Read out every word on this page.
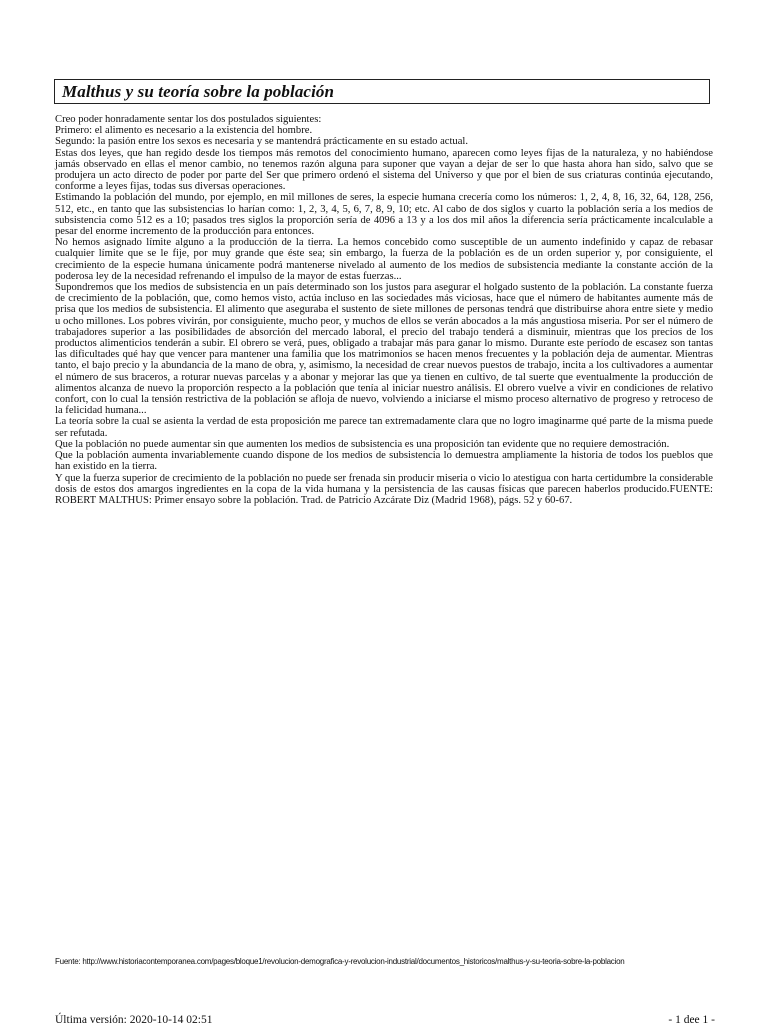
Malthus y su teoría sobre la población

Creo poder honradamente sentar los dos postulados siguientes:

Primero: el alimento es necesario a la existencia del hombre.

Segundo: la pasión entre los sexos es necesaria y se mantendrá prácticamente en su estado actual.

Estas dos leyes, que han regido desde los tiempos más remotos del conocimiento humano, aparecen como leyes fijas de la naturaleza, y no habiéndose jamás observado en ellas el menor cambio, no tenemos razón alguna para suponer que vayan a dejar de ser lo que hasta ahora han sido, salvo que se produjera un acto directo de poder por parte del Ser que primero ordenó el sistema del Universo y que por el bien de sus criaturas continúa ejecutando, conforme a leyes fijas, todas sus diversas operaciones.

Estimando la población del mundo, por ejemplo, en mil millones de seres, la especie humana crecería como los números: 1, 2, 4, 8, 16, 32, 64, 128, 256, 512, etc., en tanto que las subsistencias lo harían como: 1, 2, 3, 4, 5, 6, 7, 8, 9, 10; etc. Al cabo de dos siglos y cuarto la población sería a los medios de subsistencia como 512 es a 10; pasados tres siglos la proporción sería de 4096 a 13 y a los dos mil años la diferencia sería prácticamente incalculable a pesar del enorme incremento de la producción para entonces.

No hemos asignado límite alguno a la producción de la tierra. La hemos concebido como susceptible de un aumento indefinido y capaz de rebasar cualquier límite que se le fije, por muy grande que éste sea; sin embargo, la fuerza de la población es de un orden superior y, por consiguiente, el crecimiento de la especie humana únicamente podrá mantenerse nivelado al aumento de los medios de subsistencia mediante la constante acción de la poderosa ley de la necesidad refrenando el impulso de la mayor de estas fuerzas...

Supondremos que los medios de subsistencia en un país determinado son los justos para asegurar el holgado sustento de la población. La constante fuerza de crecimiento de la población, que, como hemos visto, actúa incluso en las sociedades más viciosas, hace que el número de habitantes aumente más de prisa que los medios de subsistencia. El alimento que aseguraba el sustento de siete millones de personas tendrá que distribuirse ahora entre siete y medio u ocho millones. Los pobres vivirán, por consiguiente, mucho peor, y muchos de ellos se verán abocados a la más angustiosa miseria. Por ser el número de trabajadores superior a las posibilidades de absorción del mercado laboral, el precio del trabajo tenderá a disminuir, mientras que los precios de los productos alimenticios tenderán a subir. El obrero se verá, pues, obligado a trabajar más para ganar lo mismo. Durante este período de escasez son tantas las dificultades qué hay que vencer para mantener una familia que los matrimonios se hacen menos frecuentes y la población deja de aumentar. Mientras tanto, el bajo precio y la abundancia de la mano de obra, y, asimismo, la necesidad de crear nuevos puestos de trabajo, incita a los cultivadores a aumentar el número de sus braceros, a roturar nuevas parcelas y a abonar y mejorar las que ya tienen en cultivo, de tal suerte que eventualmente la producción de alimentos alcanza de nuevo la proporción respecto a la población que tenía al iniciar nuestro análisis. El obrero vuelve a vivir en condiciones de relativo confort, con lo cual la tensión restrictiva de la población se afloja de nuevo, volviendo a iniciarse el mismo proceso alternativo de progreso y retroceso de la felicidad humana...

La teoría sobre la cual se asienta la verdad de esta proposición me parece tan extremadamente clara que no logro imaginarme qué parte de la misma puede ser refutada.

Que la población no puede aumentar sin que aumenten los medios de subsistencia es una proposición tan evidente que no requiere demostración.

Que la población aumenta invariablemente cuando dispone de los medios de subsistencia lo demuestra ampliamente la historia de todos los pueblos que han existido en la tierra.

Y que la fuerza superior de crecimiento de la población no puede ser frenada sin producir miseria o vicio lo atestigua con harta certidumbre la considerable dosis de estos dos amargos ingredientes en la copa de la vida humana y la persistencia de las causas físicas que parecen haberlos producido.FUENTE: ROBERT MALTHUS: Primer ensayo sobre la población. Trad. de Patricio Azcárate Diz (Madrid 1968), págs. 52 y 60-67.

Fuente: http://www.historiacontemporanea.com/pages/bloque1/revolucion-demografica-y-revolucion-industrial/documentos_historicos/malthus-y-su-teoria-sobre-la-poblacion
Última versión: 2020-10-14 02:51	- 1 dee 1 -
